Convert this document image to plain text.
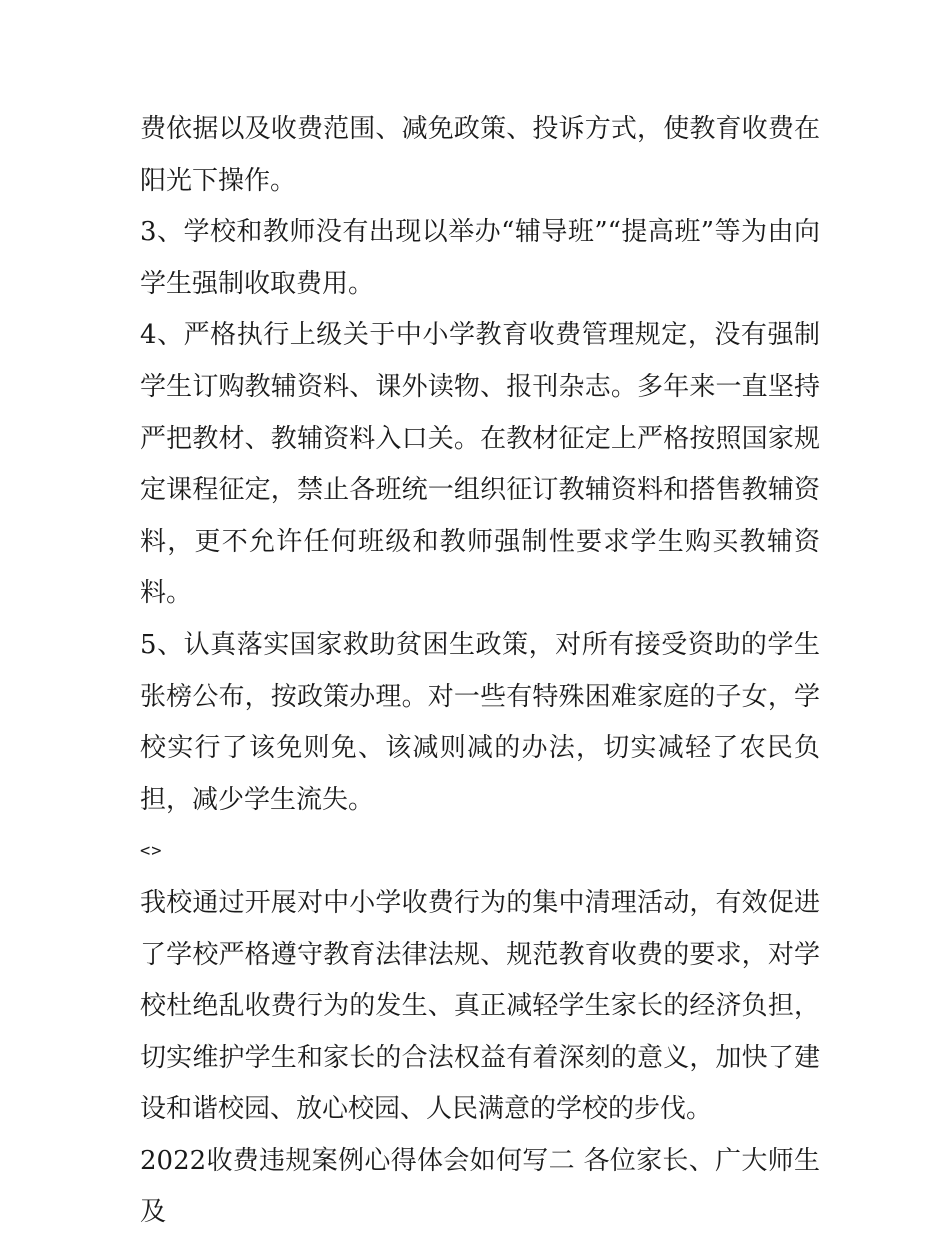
费依据以及收费范围、减免政策、投诉方式，使教育收费在阳光下操作。

3、学校和教师没有出现以举办“辅导班”“提高班”等为由向学生强制收取费用。

4、严格执行上级关于中小学教育收费管理规定，没有强制学生订购教辅资料、课外读物、报刊杂志。多年来一直坚持严把教材、教辅资料入口关。在教材征定上严格按照国家规定课程征定，禁止各班统一组织征订教辅资料和搭售教辅资料，更不允许任何班级和教师强制性要求学生购买教辅资料。

5、认真落实国家救助贫困生政策，对所有接受资助的学生张榜公布，按政策办理。对一些有特殊困难家庭的子女，学校实行了该免则免、该减则减的办法，切实减轻了农民负担，减少学生流失。

<>

我校通过开展对中小学收费行为的集中清理活动，有效促进了学校严格遵守教育法律法规、规范教育收费的要求，对学校杜绝乱收费行为的发生、真正减轻学生家长的经济负担，切实维护学生和家长的合法权益有着深刻的意义，加快了建设和谐校园、放心校园、人民满意的学校的步伐。

2022收费违规案例心得体会如何写二 各位家长、广大师生及
